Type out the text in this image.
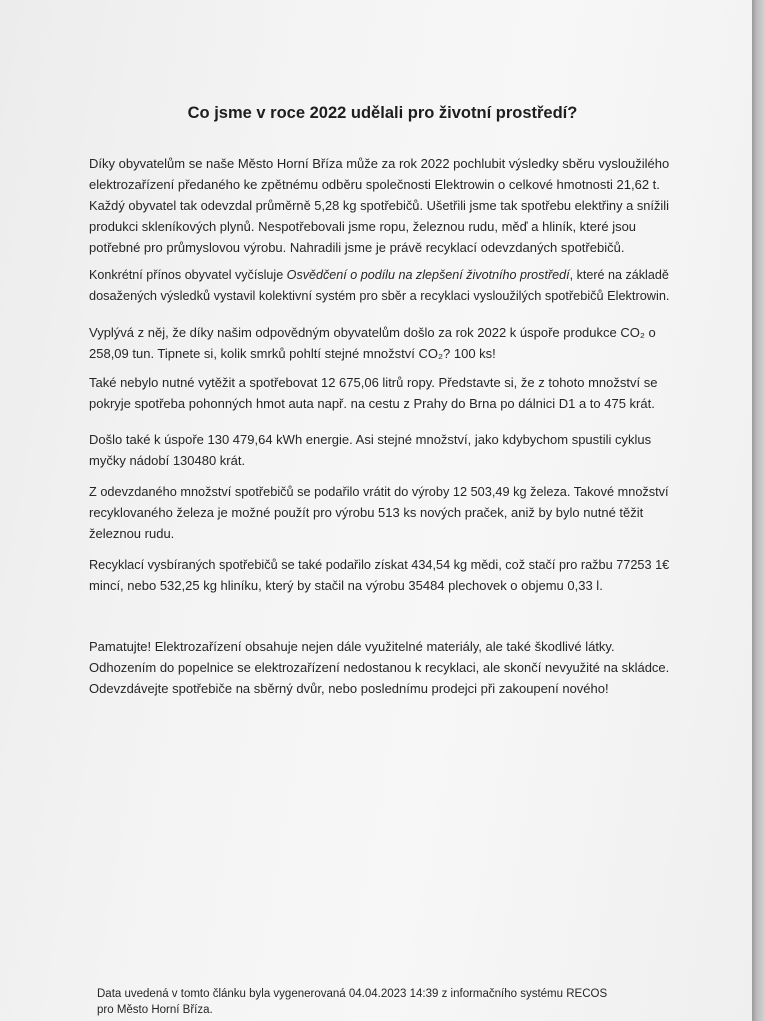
Co jsme v roce 2022 udělali pro životní prostředí?

Díky obyvatelům se naše Město Horní Bříza může za rok 2022 pochlubit výsledky sběru vysloužilého
elektrozařízení předaného ke zpětnému odběru společnosti Elektrowin o celkové hmotnosti 21,62 t.
Každý obyvatel tak odevzdal průměrně 5,28 kg spotřebičů. Ušetřili jsme tak spotřebu elektřiny a snížili
produkci skleníkových plynů. Nespotřebovali jsme ropu, železnou rudu, měď a hliník, které jsou
potřebné pro průmyslovou výrobu. Nahradili jsme je právě recyklací odevzdaných spotřebičů.

Konkrétní přínos obyvatel vyčísluje Osvědčení o podílu na zlepšení životního prostředí, které na základě
dosažených výsledků vystavil kolektivní systém pro sběr a recyklaci vysloužilých spotřebičů Elektrowin.

Vyplývá z něj, že díky našim odpovědným obyvatelům došlo za rok 2022 k úspoře produkce CO₂ o
258,09 tun. Tipnete si, kolik smrků pohltí stejné množství CO₂? 100 ks!

Také nebylo nutné vytěžit a spotřebovat 12 675,06 litrů ropy. Představte si, že z tohoto množství se
pokryje spotřeba pohonných hmot auta např. na cestu z Prahy do Brna po dálnici D1 a to 475 krát.

Došlo také k úspoře 130 479,64 kWh energie. Asi stejné množství, jako kdybychom spustili cyklus
myčky nádobí 130480 krát.

Z odevzdaného množství spotřebičů se podařilo vrátit do výroby 12 503,49 kg železa. Takové množství
recyklovaného železa je možné použít pro výrobu 513 ks nových praček, aniž by bylo nutné těžit
železnou rudu.

Recyklací vysbíraných spotřebičů se také podařilo získat 434,54 kg mědi, což stačí pro ražbu 77253 1€
mincí, nebo 532,25 kg hliníku, který by stačil na výrobu 35484 plechovek o objemu 0,33 l.

Pamatujte! Elektrozařízení obsahuje nejen dále využitelné materiály, ale také škodlivé látky.
Odhozením do popelnice se elektrozařízení nedostanou k recyklaci, ale skončí nevyužité na skládce.
Odevzdávejte spotřebiče na sběrný dvůr, nebo poslednímu prodejci při zakoupení nového!

Data uvedená v tomto článku byla vygenerovaná 04.04.2023 14:39 z informačního systému RECOS
pro Město Horní Bříza.
